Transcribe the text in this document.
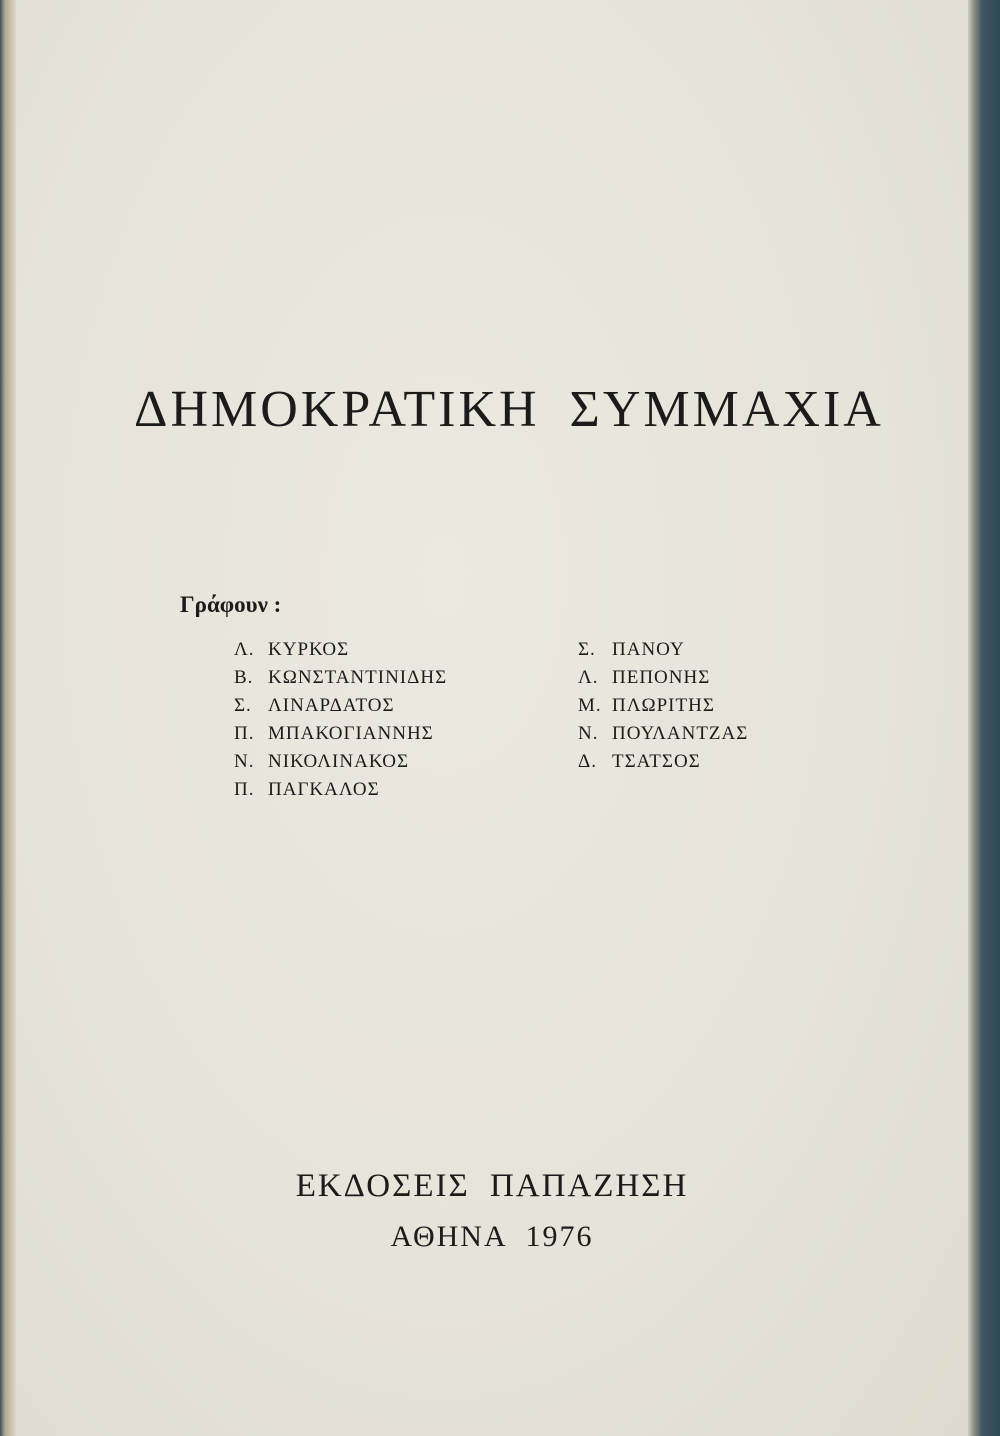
ΔΗΜΟΚΡΑΤΙΚΗ ΣΥΜΜΑΧΙΑ
Γράφουν :
Λ. ΚΥΡΚΟΣ
Β. ΚΩΝΣΤΑΝΤΙΝΙΔΗΣ
Σ. ΛΙΝΑΡΔΑΤΟΣ
Π. ΜΠΑΚΟΓΙΑΝΝΗΣ
Ν. ΝΙΚΟΛΙΝΑΚΟΣ
Π. ΠΑΓΚΑΛΟΣ
Σ. ΠΑΝΟΥ
Λ. ΠΕΠΟΝΗΣ
Μ. ΠΛΩΡΙΤΗΣ
Ν. ΠΟΥΛΑΝΤΖΑΣ
Δ. ΤΣΑΤΣΟΣ
ΕΚΔΟΣΕΙΣ ΠΑΠΑΖΗΣΗ
ΑΘΗΝΑ 1976
